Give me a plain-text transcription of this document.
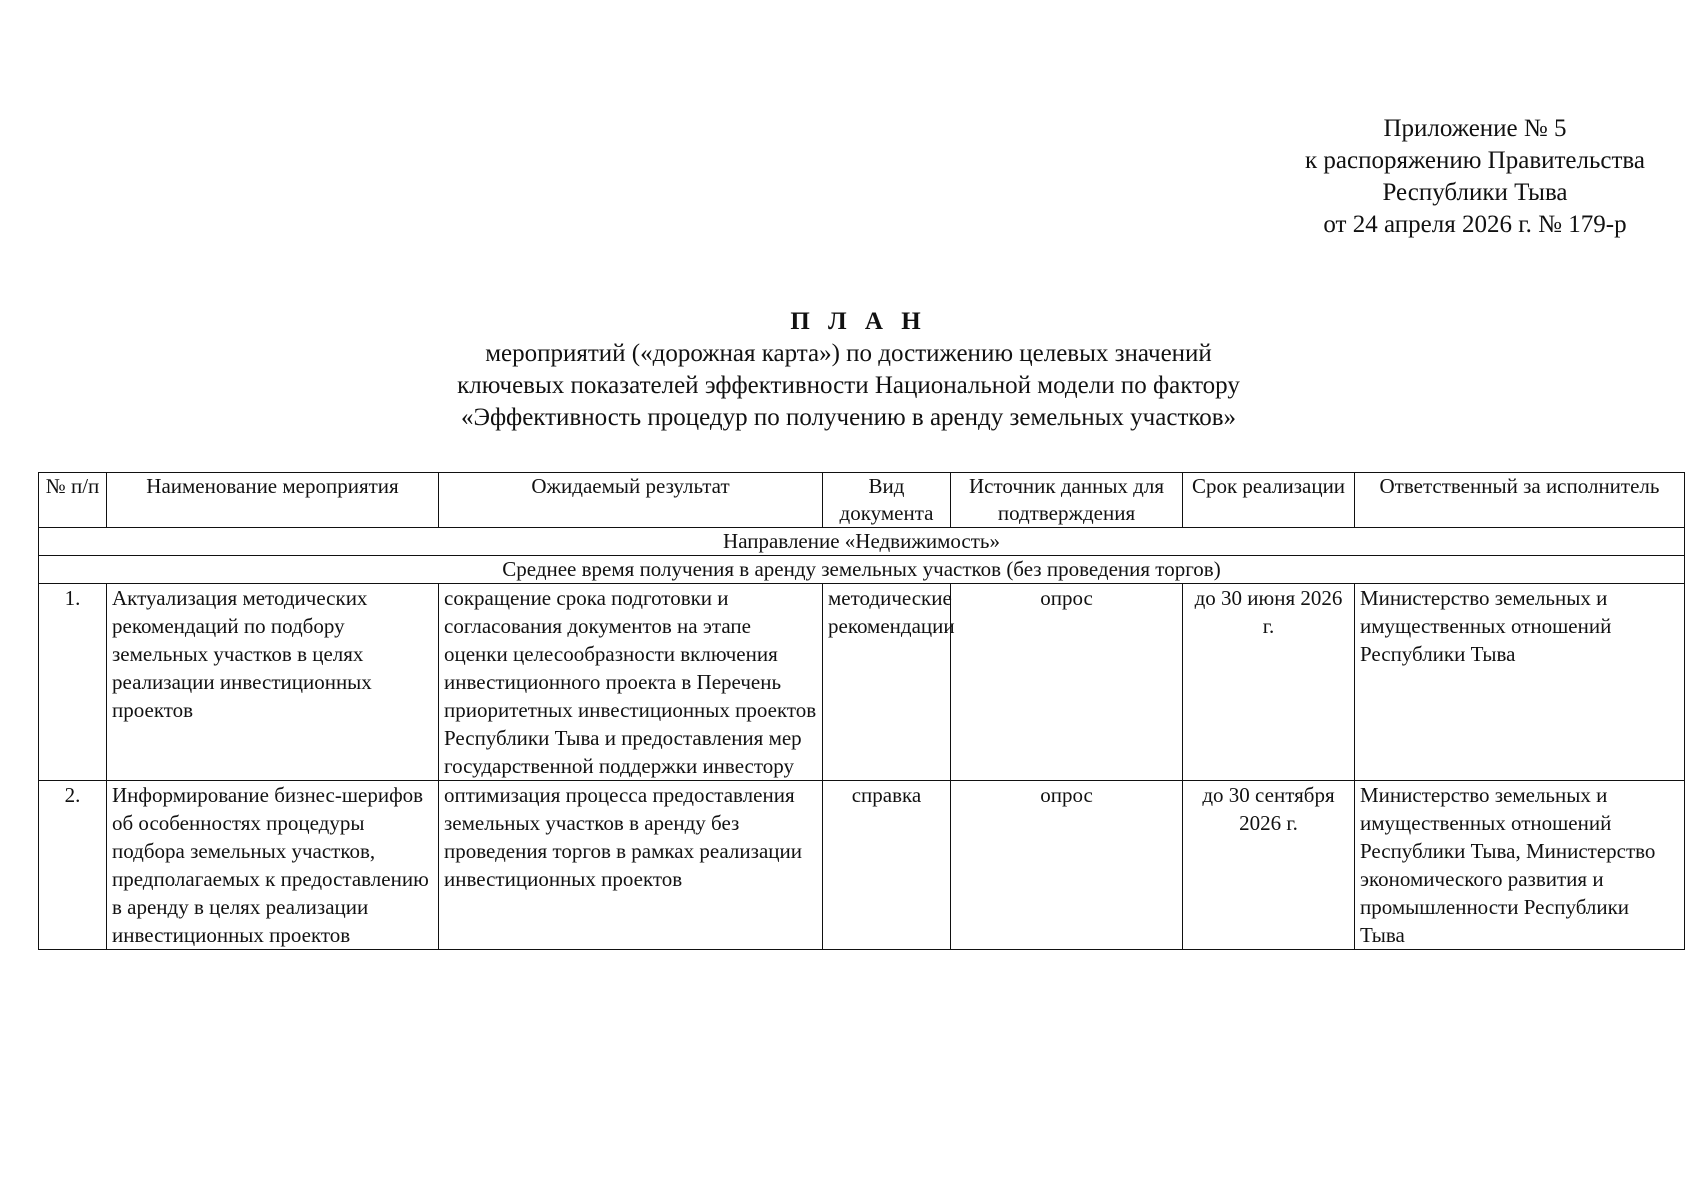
Приложение № 5
к распоряжению Правительства
Республики Тыва
от 24 апреля 2026 г. № 179-р
П Л А Н
мероприятий («дорожная карта») по достижению целевых значений
ключевых показателей эффективности Национальной модели по фактору
«Эффективность процедур по получению в аренду земельных участков»
№ п/п	Наименование мероприятия	Ожидаемый результат	Вид документа	Источник данных для подтверждения	Срок реализации	Ответственный за исполнитель
Направление «Недвижимость»						
Среднее время получения в аренду земельных участков (без проведения торгов)						
1.	Актуализация методических рекомендаций по подбору земельных участков в целях реализации инвестиционных проектов	сокращение срока подготовки и согласования документов на этапе оценки целесообразности включения инвестиционного проекта в Перечень приоритетных инвестиционных проектов Республики Тыва и предоставления мер государственной поддержки инвестору	методические рекомендации	опрос	до 30 июня 2026 г.	Министерство земельных и имущественных отношений Республики Тыва
2.	Информирование бизнес-шерифов об особенностях процедуры подбора земельных участков, предполагаемых к предоставлению в аренду в целях реализации инвестиционных проектов	оптимизация процесса предоставления земельных участков в аренду без проведения торгов в рамках реализации инвестиционных проектов	справка	опрос	до 30 сентября 2026 г.	Министерство земельных и имущественных отношений Республики Тыва, Министерство экономического развития и промышленности Республики Тыва
